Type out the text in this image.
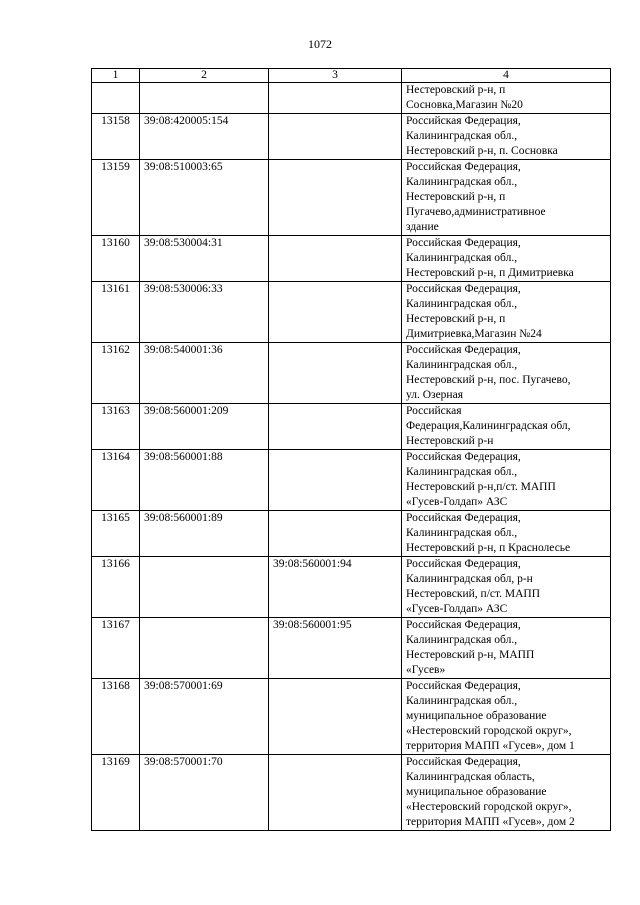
1072
1	2	3	4

			Нестеровский р-н, п
Сосновка,Магазин №20

13158	39:08:420005:154		Российская Федерация,
Калининградская обл.,
Нестеровский р-н, п. Сосновка

13159	39:08:510003:65		Российская Федерация,
Калининградская обл.,
Нестеровский р-н, п
Пугачево,административное
здание

13160	39:08:530004:31		Российская Федерация,
Калининградская обл.,
Нестеровский р-н, п Димитриевка

13161	39:08:530006:33		Российская Федерация,
Калининградская обл.,
Нестеровский р-н, п
Димитриевка,Магазин №24

13162	39:08:540001:36		Российская Федерация,
Калининградская обл.,
Нестеровский р-н, пос. Пугачево,
ул. Озерная

13163	39:08:560001:209		Российская
Федерация,Калининградская обл,
Нестеровский р-н

13164	39:08:560001:88		Российская Федерация,
Калининградская обл.,
Нестеровский р-н,п/ст. МАПП
«Гусев-Голдап» АЗС

13165	39:08:560001:89		Российская Федерация,
Калининградская обл.,
Нестеровский р-н, п Краснолесье

13166		39:08:560001:94	Российская Федерация,
Калининградская обл, р-н
Нестеровский, п/ст. МАПП
«Гусев-Голдап» АЗС

13167		39:08:560001:95	Российская Федерация,
Калининградская обл.,
Нестеровский р-н, МАПП
«Гусев»

13168	39:08:570001:69		Российская Федерация,
Калининградская обл.,
муниципальное образование
«Нестеровский городской округ»,
территория МАПП «Гусев», дом 1

13169	39:08:570001:70		Российская Федерация,
Калининградская область,
муниципальное образование
«Нестеровский городской округ»,
территория МАПП «Гусев», дом 2
